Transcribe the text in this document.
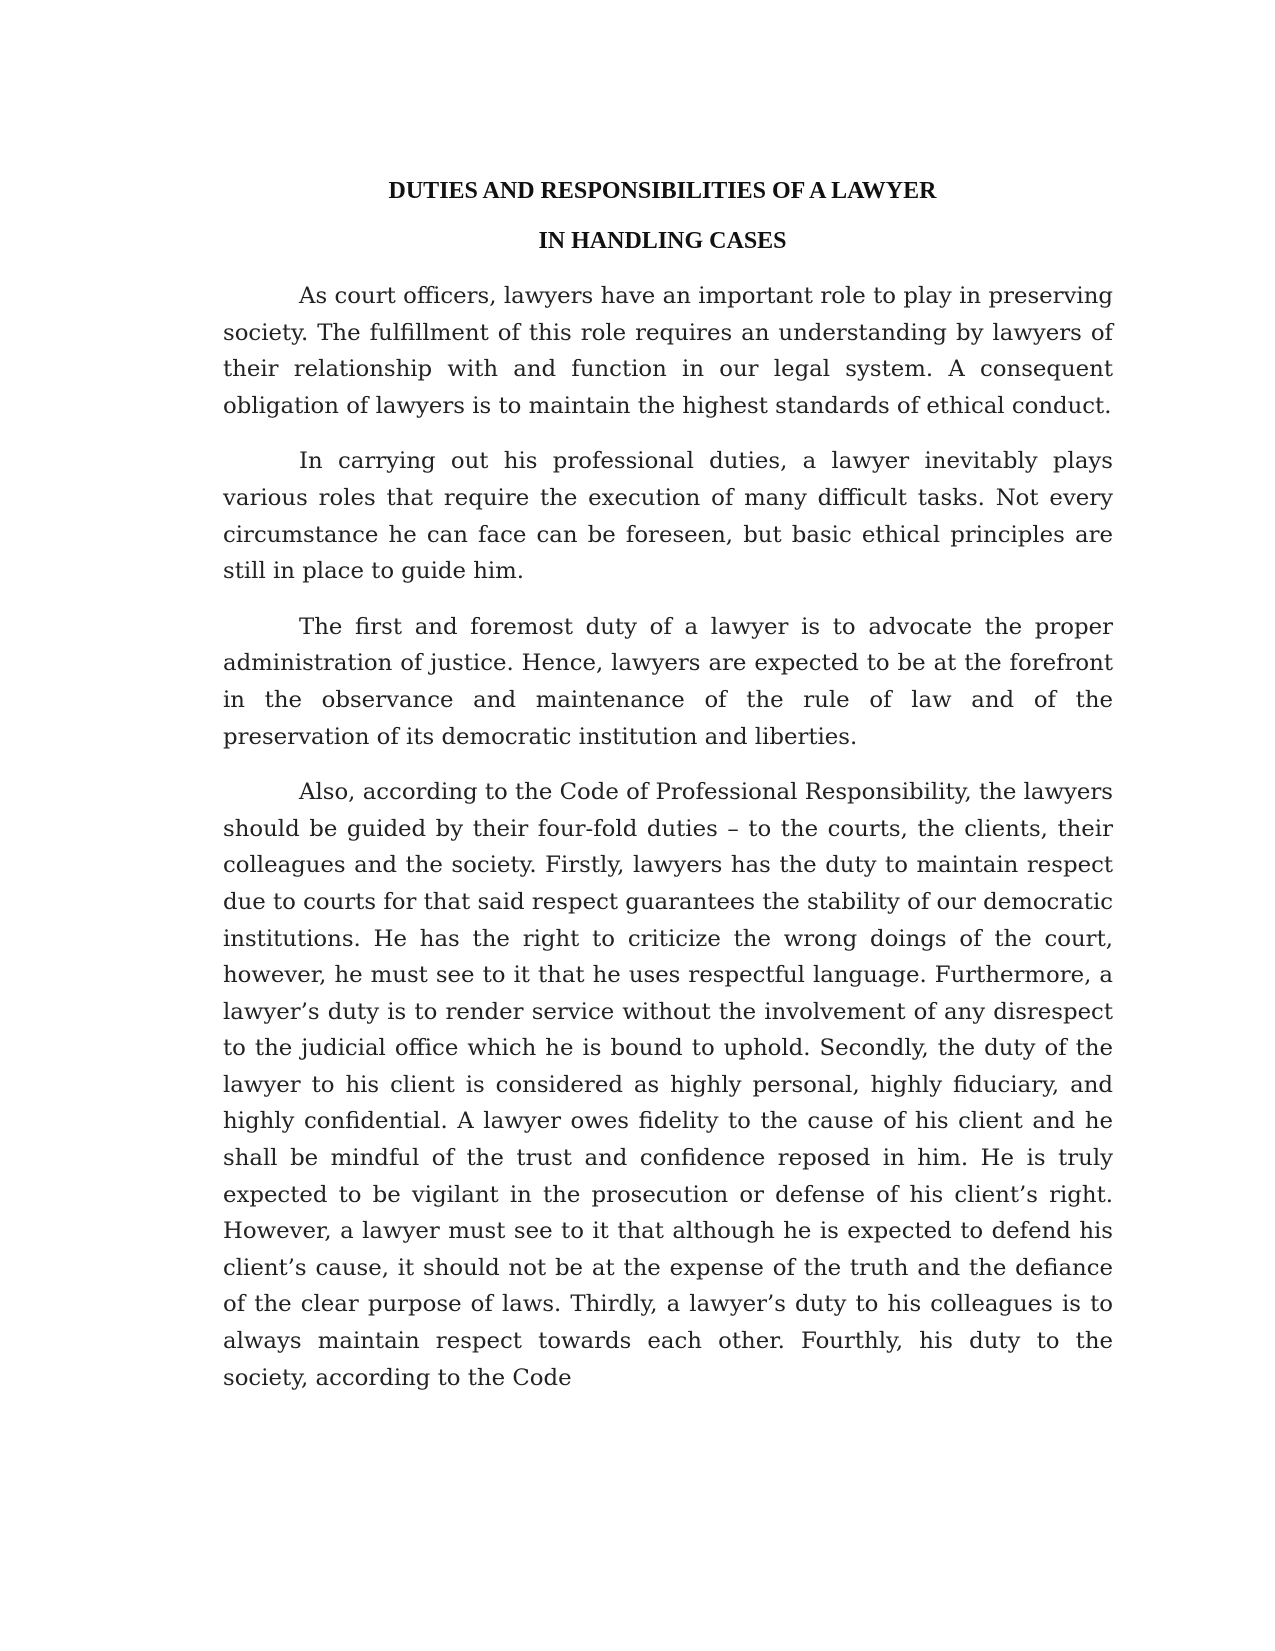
DUTIES AND RESPONSIBILITIES OF A LAWYER
IN HANDLING CASES

As court officers, lawyers have an important role to play in preserving society. The fulfillment of this role requires an understanding by lawyers of their relationship with and function in our legal system. A consequent obligation of lawyers is to maintain the highest standards of ethical conduct.

In carrying out his professional duties, a lawyer inevitably plays various roles that require the execution of many difficult tasks. Not every circumstance he can face can be foreseen, but basic ethical principles are still in place to guide him.

The first and foremost duty of a lawyer is to advocate the proper administration of justice. Hence, lawyers are expected to be at the forefront in the observance and maintenance of the rule of law and of the preservation of its democratic institution and liberties.

Also, according to the Code of Professional Responsibility, the lawyers should be guided by their four-fold duties – to the courts, the clients, their colleagues and the society. Firstly, lawyers has the duty to maintain respect due to courts for that said respect guarantees the stability of our democratic institutions. He has the right to criticize the wrong doings of the court, however, he must see to it that he uses respectful language. Furthermore, a lawyer’s duty is to render service without the involvement of any disrespect to the judicial office which he is bound to uphold. Secondly, the duty of the lawyer to his client is considered as highly personal, highly fiduciary, and highly confidential. A lawyer owes fidelity to the cause of his client and he shall be mindful of the trust and confidence reposed in him. He is truly expected to be vigilant in the prosecution or defense of his client’s right. However, a lawyer must see to it that although he is expected to defend his client’s cause, it should not be at the expense of the truth and the defiance of the clear purpose of laws. Thirdly, a lawyer’s duty to his colleagues is to always maintain respect towards each other. Fourthly, his duty to the society, according to the Code
